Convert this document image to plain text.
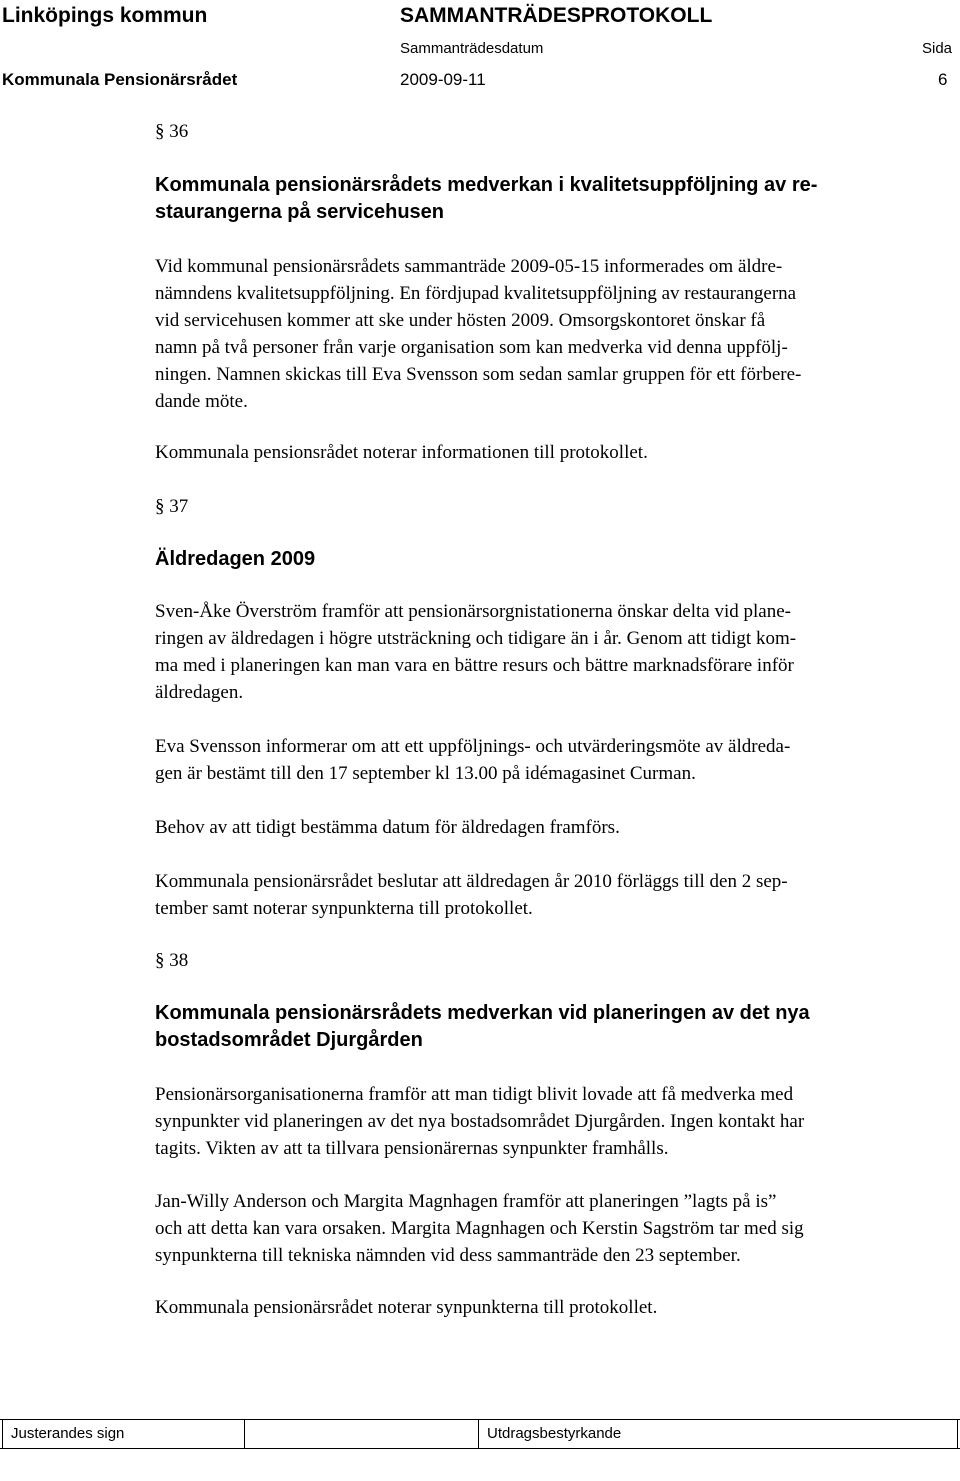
Linköpings kommun	SAMMANTRÄDESPROTOKOLL
Sammanträdesdatum	Sida
Kommunala Pensionärsrådet	2009-09-11	6
§ 36
Kommunala pensionärsrådets medverkan i kvalitetsuppföljning av re-
staurangerna på servicehusen
Vid kommunal pensionärsrådets sammanträde 2009-05-15 informerades om äldre-
nämndens kvalitetsuppföljning. En fördjupad kvalitetsuppföljning av restaurangerna
vid servicehusen kommer att ske under hösten 2009. Omsorgskontoret önskar få
namn på två personer från varje organisation som kan medverka vid denna uppfölj-
ningen. Namnen skickas till Eva Svensson som sedan samlar gruppen för ett förbere-
dande möte.
Kommunala pensionsrådet noterar informationen till protokollet.
§ 37
Äldredagen 2009
Sven-Åke Överström framför att pensionärsorgnistationerna önskar delta vid plane-
ringen av äldredagen i högre utsträckning och tidigare än i år. Genom att tidigt kom-
ma med i planeringen kan man vara en bättre resurs och bättre marknadsförare inför
äldredagen.
Eva Svensson informerar om att ett uppföljnings- och utvärderingsmöte av äldreda-
gen är bestämt till den 17 september kl 13.00 på idémagasinet Curman.
Behov av att tidigt bestämma datum för äldredagen framförs.
Kommunala pensionärsrådet beslutar att äldredagen år 2010 förläggs till den 2 sep-
tember samt noterar synpunkterna till protokollet.
§ 38
Kommunala pensionärsrådets medverkan vid planeringen av det nya
bostadsområdet Djurgården
Pensionärsorganisationerna framför att man tidigt blivit lovade att få medverka med
synpunkter vid planeringen av det nya bostadsområdet Djurgården. Ingen kontakt har
tagits. Vikten av att ta tillvara pensionärernas synpunkter framhålls.
Jan-Willy Anderson och Margita Magnhagen framför att planeringen ”lagts på is”
och att detta kan vara orsaken. Margita Magnhagen och Kerstin Sagström tar med sig
synpunkterna till tekniska nämnden vid dess sammanträde den 23 september.
Kommunala pensionärsrådet noterar synpunkterna till protokollet.
Justerandes sign	Utdragsbestyrkande
